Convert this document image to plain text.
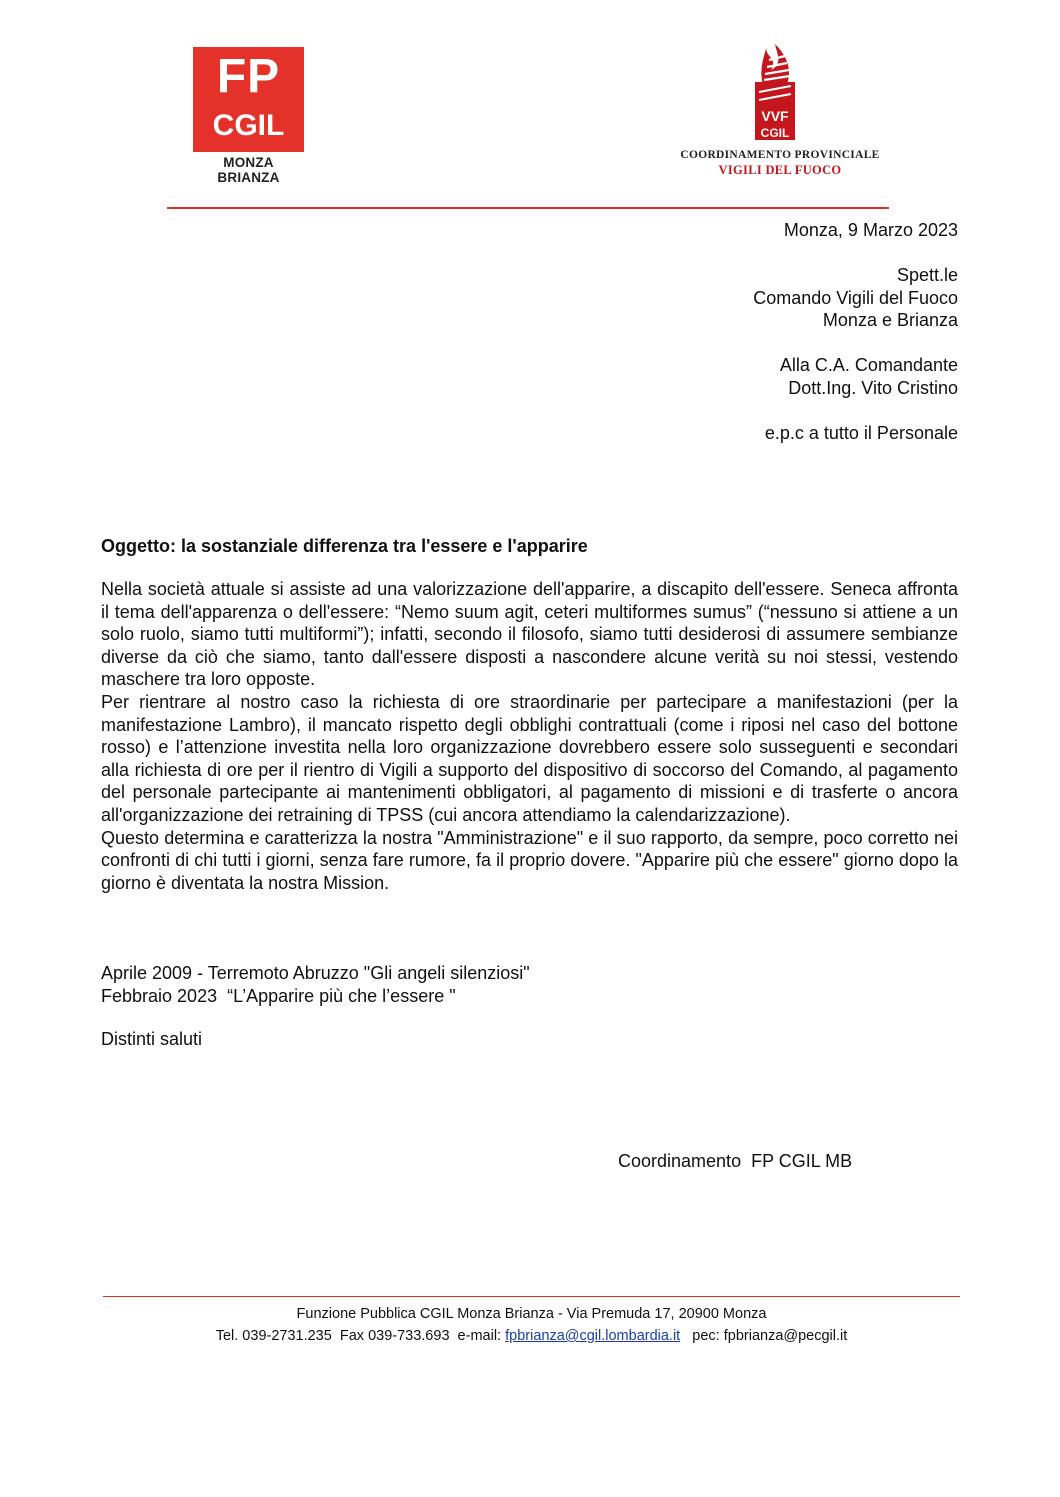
FP
CGIL
MONZA BRIANZA
VVF
CGIL
COORDINAMENTO PROVINCIALE
VIGILI DEL FUOCO
Monza, 9 Marzo 2023
Spett.le
Comando Vigili del Fuoco
Monza e Brianza
Alla C.A. Comandante
Dott.Ing. Vito Cristino
e.p.c a tutto il Personale
Oggetto: la sostanziale differenza tra l'essere e l'apparire

Nella società attuale si assiste ad una valorizzazione dell'apparire, a discapito dell'essere. Seneca affronta il tema dell'apparenza o dell'essere: “Nemo suum agit, ceteri multiformes sumus” (“nessuno si attiene a un solo ruolo, siamo tutti multiformi”); infatti, secondo il filosofo, siamo tutti desiderosi di assumere sembianze diverse da ciò che siamo, tanto dall'essere disposti a nascondere alcune verità su noi stessi, vestendo maschere tra loro opposte.

Per rientrare al nostro caso la richiesta di ore straordinarie per partecipare a manifestazioni (per la manifestazione Lambro), il mancato rispetto degli obblighi contrattuali (come i riposi nel caso del bottone rosso) e l’attenzione investita nella loro organizzazione dovrebbero essere solo susseguenti e secondari alla richiesta di ore per il rientro di Vigili a supporto del dispositivo di soccorso del Comando, al pagamento del personale partecipante ai mantenimenti obbligatori, al pagamento di missioni e di trasferte o ancora all'organizzazione dei retraining di TPSS (cui ancora attendiamo la calendarizzazione).

Questo determina e caratterizza la nostra "Amministrazione" e il suo rapporto, da sempre, poco corretto nei confronti di chi tutti i giorni, senza fare rumore, fa il proprio dovere. "Apparire più che essere" giorno dopo la giorno è diventata la nostra Mission.

Aprile 2009 - Terremoto Abruzzo "Gli angeli silenziosi"
Febbraio 2023  “L’Apparire più che l’essere "
Distinti saluti
Coordinamento  FP CGIL MB
Funzione Pubblica CGIL Monza Brianza - Via Premuda 17, 20900 Monza
Tel. 039-2731.235  Fax 039-733.693  e-mail: fpbrianza@cgil.lombardia.it   pec: fpbrianza@pecgil.it
